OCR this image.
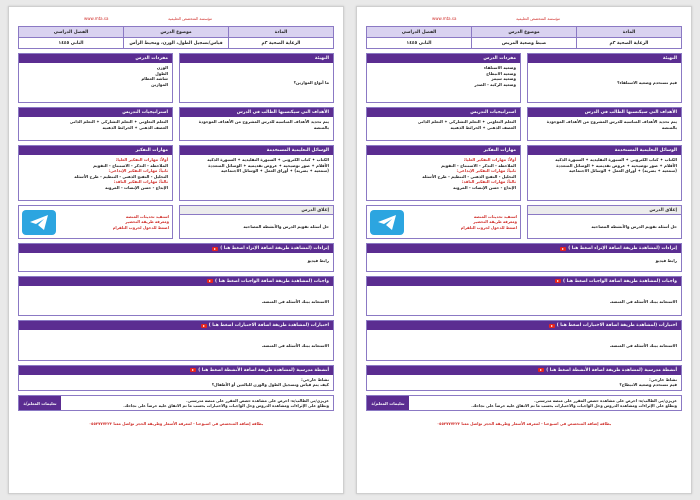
مؤسسة المتخصص التعليمية
www.mta.sa
المادة	موضوع الدرس	الفصل الدراسي
الرعاية الصحية ٣م	قياس/تسجيل الطول، الوزن، ومحيط الرأس	الثاني ١٤٤٥
التهيئة
ما أنواع الموازين؟
مفردات الدرس
الوزن
الطول
شاشة العظام
الموازين
الأهداف التي سيكتسبها الطالب في الدرس
يتم تحديد الأهداف المناسبة للدرس المشروح من الأهداف الموجودة
بالمنصة
استراتيجيات التدريس
التعلم التعاوني ✦ التعلم التشاركي ✦ التعلم الذاتي
العصف الذهني ✦ الخرائط الذهنية
الوسائل التعليمية المستخدمة
الكتاب ✦ كتاب الكتروني ✦ السبورة التقليدية ✦ السبورة الذكية
الأقلام ✦ صور توضيحية ✦ عروض تقديمية ✦ الوسائل المتعددة
(سمعية ✦ بصرية) ✦ أوراق العمل ✦ الوسائل الاجتماعية
مهارات التفكير
أولاً: مهارات التفكير العليا:
الملاحظة - التذكر - الاستنتاج - التقويم
ثانياً: مهارات التفكير الإبداعي:
التحليل - التفتح الذهني - التنظيم - طرح الأسئلة
ثالثاً: مهارات التفكير الناقد:
الإبداع - حسن الإنصات - المرونة
إغلاق الدرس
حل أسئلة تقويم الدرس والأنشطة المصاحبة
استفيد تحديثات المنصة
ومعرفة طريقة التحضير
اضغط للدخول لجروب التلقرام
إثراءات (لمشاهدة طريقة اضافة الإثراء اضغط هنا )
رابط فيديو
واجبات (لمشاهدة طريقة اضافة الواجبات اضغط هنا )
الاستعانة ببنك الأسئلة في المنصة.
اختبارات (لمشاهدة طريقة اضافة الاختبارات اضغط هنا )
الاستعانة ببنك الأسئلة في المنصة.
أنشطة مدرسية (لمشاهدة طريقة اضافة الأنشطة اضغط هنا )
نشاط خارجي:
كيف يتم قياس وتسجيل الطول والوزن للبالغين أو الأطفال؟
عزيزي/تي الطالب/ة: احرص على مشاهدة حصص المقرر على منصة مدرستي.
وتطلع على الإثراءات ومشاهدة الدروس وحل الواجبات والاختبارات بحسب ما تم الاتفاق عليه حرصاً على نجاحك.
تعليمات المعلم/ة
بطاقة إضافة المتخصص في اسبوعنا - لمعرفة الأسعار وطريقة الحجز تواصل معنا ٠٥٥٣٧٧٧٢٢٣
مؤسسة المتخصص التعليمية
www.mta.sa
المادة	موضوع الدرس	الفصل الدراسي
الرعاية الصحية ٣م	ضبط وضعية المريض	الثاني ١٤٤٥
التهيئة
فيم تستخدم وضعية الاستلقاء؟
مفردات الدرس
وضعية الاستلقاء
وضعية الانبطاح
وضعية سيمز
وضعية الركبة - الصدر
الأهداف التي سيكتسبها الطالب في الدرس
يتم تحديد الأهداف المناسبة للدرس المشروح من الأهداف الموجودة
بالمنصة
استراتيجيات التدريس
التعلم التعاوني ✦ التعلم التشاركي ✦ التعلم الذاتي
العصف الذهني ✦ الخرائط الذهنية
الوسائل التعليمية المستخدمة
الكتاب ✦ كتاب الكتروني ✦ السبورة التقليدية ✦ السبورة الذكية
الأقلام ✦ صور توضيحية ✦ عروض تقديمية ✦ الوسائل المتعددة
(سمعية ✦ بصرية) ✦ أوراق العمل ✦ الوسائل الاجتماعية
مهارات التفكير
أولاً: مهارات التفكير العليا:
الملاحظة - التذكر - الاستنتاج - التقويم
ثانياً: مهارات التفكير الإبداعي:
التحليل - التفتح الذهني - التنظيم - طرح الأسئلة
ثالثاً: مهارات التفكير الناقد:
الإبداع - حسن الإنصات - المرونة
إغلاق الدرس
حل أسئلة تقويم الدرس والأنشطة المصاحبة
استفيد تحديثات المنصة
ومعرفة طريقة التحضير
اضغط للدخول لجروب التلقرام
إثراءات (لمشاهدة طريقة اضافة الإثراء اضغط هنا )
رابط فيديو
واجبات (لمشاهدة طريقة اضافة الواجبات اضغط هنا )
الاستعانة ببنك الأسئلة في المنصة.
اختبارات (لمشاهدة طريقة اضافة الاختبارات اضغط هنا )
الاستعانة ببنك الأسئلة في المنصة.
أنشطة مدرسية (لمشاهدة طريقة اضافة الأنشطة اضغط هنا )
نشاط خارجي:
فيم تستخدم وضعية الانبطاح؟
عزيزي/تي الطالب/ة: احرص على مشاهدة حصص المقرر على منصة مدرستي.
وتطلع على الإثراءات ومشاهدة الدروس وحل الواجبات والاختبارات بحسب ما تم الاتفاق عليه حرصاً على نجاحك.
تعليمات المعلم/ة
بطاقة إضافة المتخصص في اسبوعنا - لمعرفة الأسعار وطريقة الحجز تواصل معنا ٠٥٥٣٧٧٧٢٢٣
